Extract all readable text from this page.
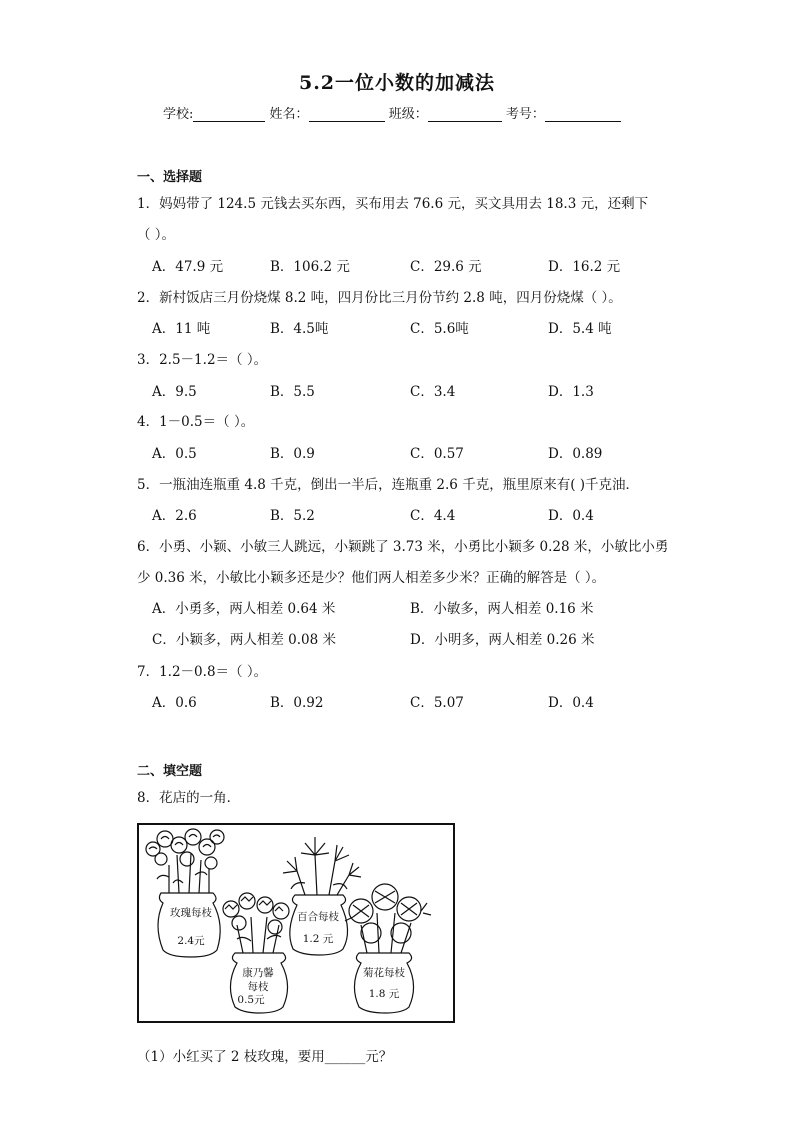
5.2一位小数的加减法
学校:	姓名：	班级：	考号：
一、选择题
1．妈妈带了 124.5 元钱去买东西，买布用去 76.6 元，买文具用去 18.3 元，还剩下
（ ）。
A．47.9 元	B．106.2 元	C．29.6 元	D．16.2 元
2．新村饭店三月份烧煤 8.2 吨，四月份比三月份节约 2.8 吨，四月份烧煤（ ）。
A．11 吨	B．4.5吨	C．5.6吨	D．5.4 吨
3．2.5－1.2＝（ ）。
A．9.5	B．5.5	C．3.4	D．1.3
4．1－0.5＝（ ）。
A．0.5	B．0.9	C．0.57	D．0.89
5．一瓶油连瓶重 4.8 千克，倒出一半后，连瓶重 2.6 千克，瓶里原来有( )千克油．
A．2.6	B．5.2	C．4.4	D．0.4
6．小勇、小颖、小敏三人跳远，小颖跳了 3.73 米，小勇比小颖多 0.28 米，小敏比小勇
少 0.36 米，小敏比小颖多还是少？他们两人相差多少米？正确的解答是（ ）。
A．小勇多，两人相差 0.64 米	B．小敏多，两人相差 0.16 米
C．小颖多，两人相差 0.08 米	D．小明多，两人相差 0.26 米
7．1.2－0.8＝（ ）。
A．0.6	B．0.92	C．5.07	D．0.4
二、填空题
8．花店的一角．
玫瑰每枝
2.4元
康乃馨
每枝
0.5元
百合每枝
1.2 元
菊花每枝
1.8 元
（1）小红买了 2 枝玫瑰，要用______元？
